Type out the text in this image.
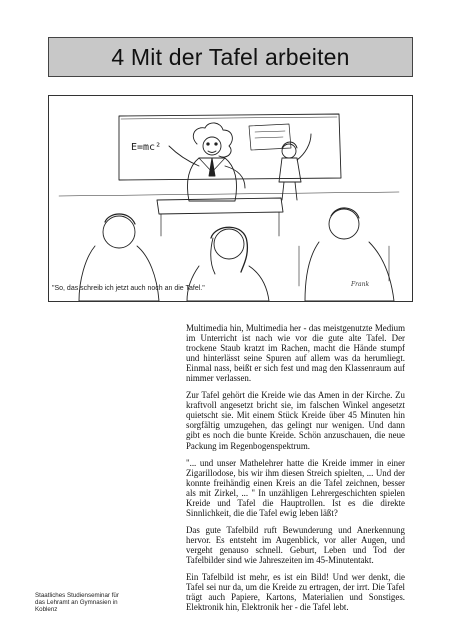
4 Mit der Tafel arbeiten
E=mc²
Frank
"So, das schreib ich jetzt auch noch an die Tafel."

Multimedia hin, Multimedia her - das meistgenutzte Medium im Unterricht ist nach wie vor die gute alte Tafel. Der trockene Staub kratzt im Rachen, macht die Hände stumpf und hinterlässt seine Spuren auf allem was da herumliegt. Einmal nass, beißt er sich fest und mag den Klassenraum auf nimmer verlassen.

Zur Tafel gehört die Kreide wie das Amen in der Kirche. Zu kraftvoll angesetzt bricht sie, im falschen Winkel angesetzt quietscht sie. Mit einem Stück Kreide über 45 Minuten hin sorgfältig umzugehen, das gelingt nur wenigen. Und dann gibt es noch die bunte Kreide. Schön anzuschauen, die neue Packung im Regenbogenspektrum.

"... und unser Mathelehrer hatte die Kreide immer in einer Zigarillodose, bis wir ihm diesen Streich spielten, ... Und der konnte freihändig einen Kreis an die Tafel zeichnen, besser als mit Zirkel, ... " In unzähligen Lehrergeschichten spielen Kreide und Tafel die Hauptrollen. Ist es die direkte Sinnlichkeit, die die Tafel ewig leben läßt?

Das gute Tafelbild ruft Bewunderung und Anerkennung hervor. Es entsteht im Augenblick, vor aller Augen, und vergeht genauso schnell. Geburt, Leben und Tod der Tafelbilder sind wie Jahreszeiten im 45-Minutentakt.

Ein Tafelbild ist mehr, es ist ein Bild! Und wer denkt, die Tafel sei nur da, um die Kreide zu ertragen, der irrt. Die Tafel trägt auch Papiere, Kartons, Materialien und Sonstiges. Elektronik hin, Elektronik her - die Tafel lebt.

Staatliches Studienseminar für
das Lehramt an Gymnasien in
Koblenz
